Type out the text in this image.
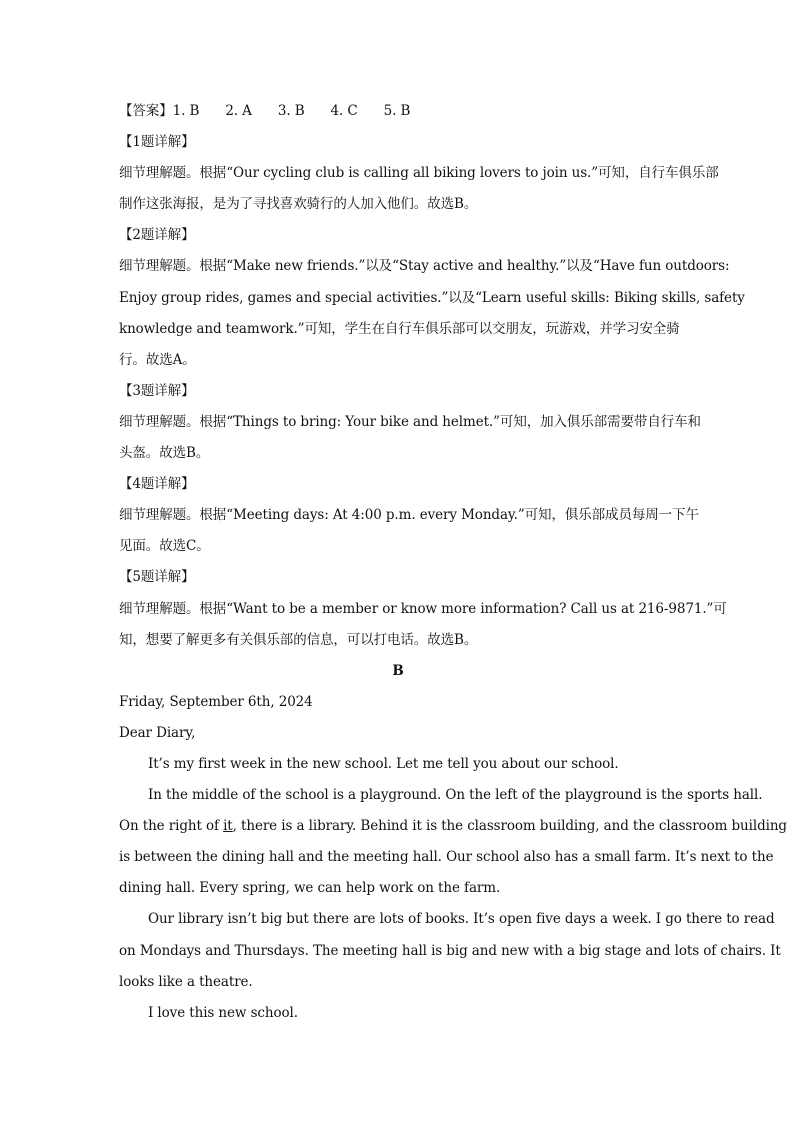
【答案】1. B 2. A 3. B 4. C 5. B
【1题详解】
细节理解题。根据“Our cycling club is calling all biking lovers to join us.”可知，自行车俱乐部
制作这张海报，是为了寻找喜欢骑行的人加入他们。故选B。
【2题详解】
细节理解题。根据“Make new friends.”以及“Stay active and healthy.”以及“Have fun outdoors:
Enjoy group rides, games and special activities.”以及“Learn useful skills: Biking skills, safety
knowledge and teamwork.”可知，学生在自行车俱乐部可以交朋友，玩游戏，并学习安全骑
行。故选A。
【3题详解】
细节理解题。根据“Things to bring: Your bike and helmet.”可知，加入俱乐部需要带自行车和
头盔。故选B。
【4题详解】
细节理解题。根据“Meeting days: At 4:00 p.m. every Monday.”可知，俱乐部成员每周一下午
见面。故选C。
【5题详解】
细节理解题。根据“Want to be a member or know more information? Call us at 216-9871.”可
知，想要了解更多有关俱乐部的信息，可以打电话。故选B。
B
Friday, September 6th, 2024
Dear Diary,
It’s my first week in the new school. Let me tell you about our school.
In the middle of the school is a playground. On the left of the playground is the sports hall.
On the right of it, there is a library. Behind it is the classroom building, and the classroom building
is between the dining hall and the meeting hall. Our school also has a small farm. It’s next to the
dining hall. Every spring, we can help work on the farm.
Our library isn’t big but there are lots of books. It’s open five days a week. I go there to read
on Mondays and Thursdays. The meeting hall is big and new with a big stage and lots of chairs. It
looks like a theatre.
I love this new school.
